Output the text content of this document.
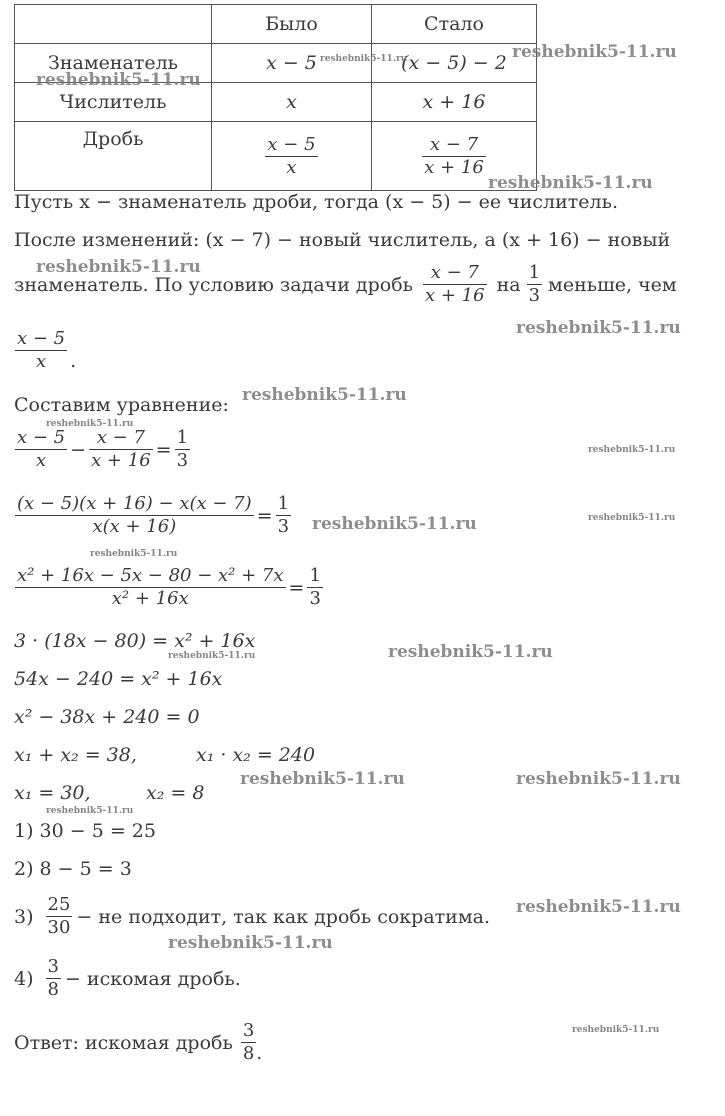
	Было	Стало
Знаменатель	x − 5	(x − 5) − 2
Числитель	x	x + 16
Дробь	$\frac{x - 5}{x}$	$\frac{x - 7}{x + 16}$
Пусть x − знаменатель дроби, тогда (x − 5) − ее числитель.
После изменений: (x − 7) − новый числитель, а (x + 16) − новый
знаменатель. По условию задачи дробь $\frac{x - 7}{x + 16}$ на $\frac{1}{3}$ меньше, чем
$\frac{x - 5}{x}$ .
Составим уравнение:
$\frac{x - 5}{x} - \frac{x - 7}{x + 16} = \frac{1}{3}$
$\frac{(x - 5)(x + 16) - x(x - 7)}{x(x + 16)} = \frac{1}{3}$
$\frac{\text{x² + 16x − 5x − 80 − x² + 7x}}{\text{x² + 16x}} = \frac{1}{3}$
3 · (18x − 80) = x² + 16x
54x − 240 = x² + 16x
x² − 38x + 240 = 0
x₁ + x₂ = 38,	x₁ · x₂ = 240
x₁ = 30,	x₂ = 8
1) 30 − 5 = 25
2) 8 − 5 = 3
$3) \frac{25}{30}$ − не подходит, так как дробь сократима.
$4) \frac{3}{8}$ − искомая дробь.
Ответ: искомая дробь $\frac{3}{8}$ .
reshebnik5-11.ru
reshebnik5-11.ru
reshebnik5-11.ru
reshebnik5-11.ru
reshebnik5-11.ru
reshebnik5-11.ru
reshebnik5-11.ru
reshebnik5-11.ru
reshebnik5-11.ru
reshebnik5-11.ru	reshebnik5-11.ru
reshebnik5-11.ru
reshebnik5-11.ru	reshebnik5-11.ru
reshebnik5-11.ru	reshebnik5-11.ru
reshebnik5-11.ru
reshebnik5-11.ru
reshebnik5-11.ru
reshebnik5-11.ru
